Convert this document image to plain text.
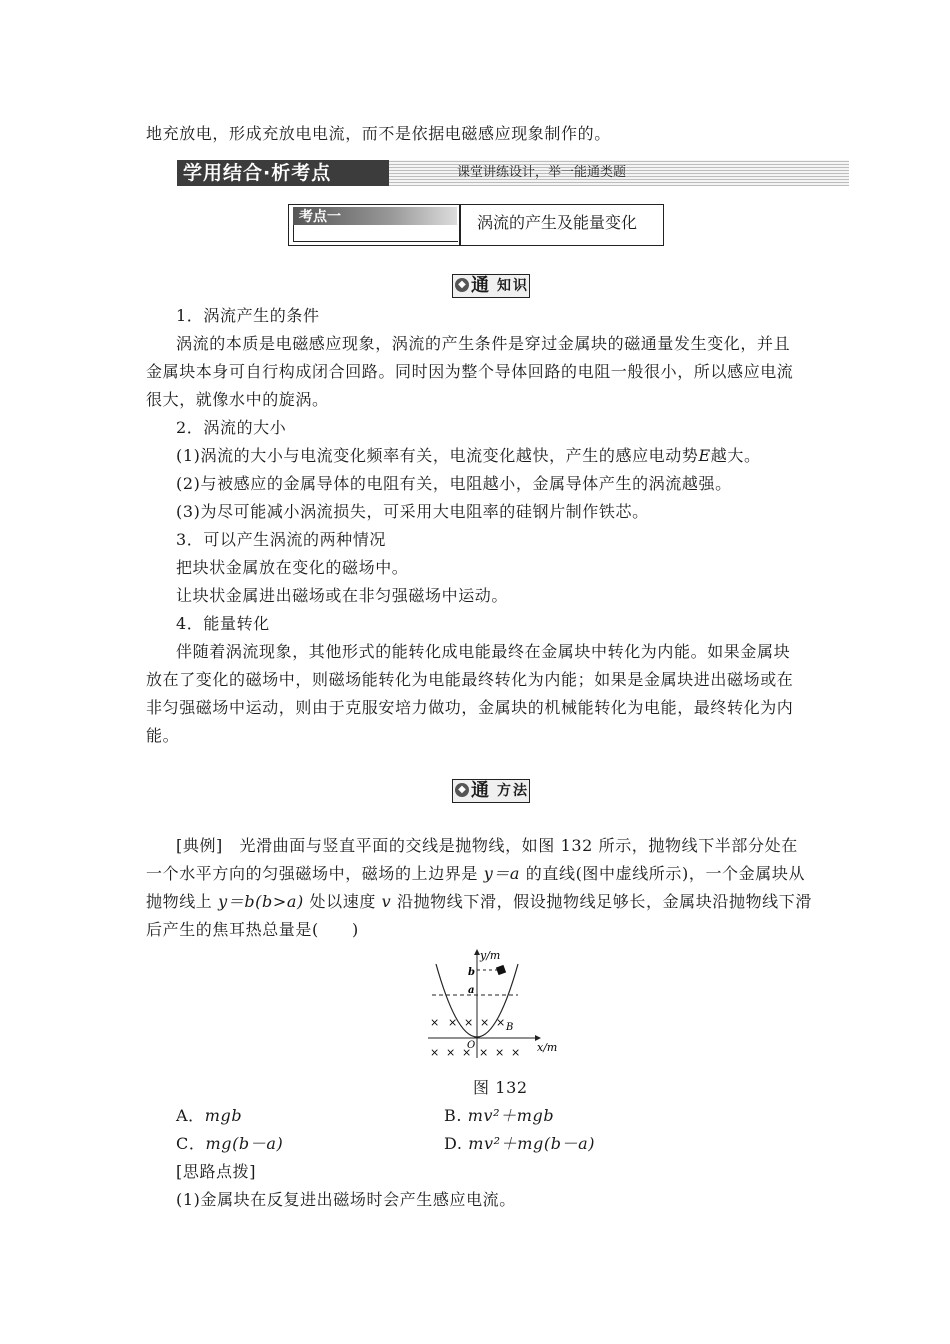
地充放电，形成充放电电流，而不是依据电磁感应现象制作的。
学用结合·析考点	课堂讲练设计，举一能通类题
考点一	涡流的产生及能量变化
◆ 通 知识
1．涡流产生的条件
涡流的本质是电磁感应现象，涡流的产生条件是穿过金属块的磁通量发生变化，并且
金属块本身可自行构成闭合回路。同时因为整个导体回路的电阻一般很小，所以感应电流
很大，就像水中的旋涡。
2．涡流的大小
(1)涡流的大小与电流变化频率有关，电流变化越快，产生的感应电动势E越大。
(2)与被感应的金属导体的电阻有关，电阻越小，金属导体产生的涡流越强。
(3)为尽可能减小涡流损失，可采用大电阻率的硅钢片制作铁芯。
3．可以产生涡流的两种情况
把块状金属放在变化的磁场中。
让块状金属进出磁场或在非匀强磁场中运动。
4．能量转化
伴随着涡流现象，其他形式的能转化成电能最终在金属块中转化为内能。如果金属块
放在了变化的磁场中，则磁场能转化为电能最终转化为内能；如果是金属块进出磁场或在
非匀强磁场中运动，则由于克服安培力做功，金属块的机械能转化为电能，最终转化为内
能。
◆ 通 方法
[典例]　光滑曲面与竖直平面的交线是抛物线，如图 132 所示，抛物线下半部分处在
一个水平方向的匀强磁场中，磁场的上边界是 y＝a 的直线(图中虚线所示)，一个金属块从
抛物线上 y＝b(b>a) 处以速度 v 沿抛物线下滑，假设抛物线足够长，金属块沿抛物线下滑
后产生的焦耳热总量是(　　)
y/m
x/m
b
a
O
B
× × × × ×
× × × × × ×
图 132
A．mgb	B. mv²＋mgb
C．mg(b－a)	D. mv²＋mg(b－a)
[思路点拨]
(1)金属块在反复进出磁场时会产生感应电流。
